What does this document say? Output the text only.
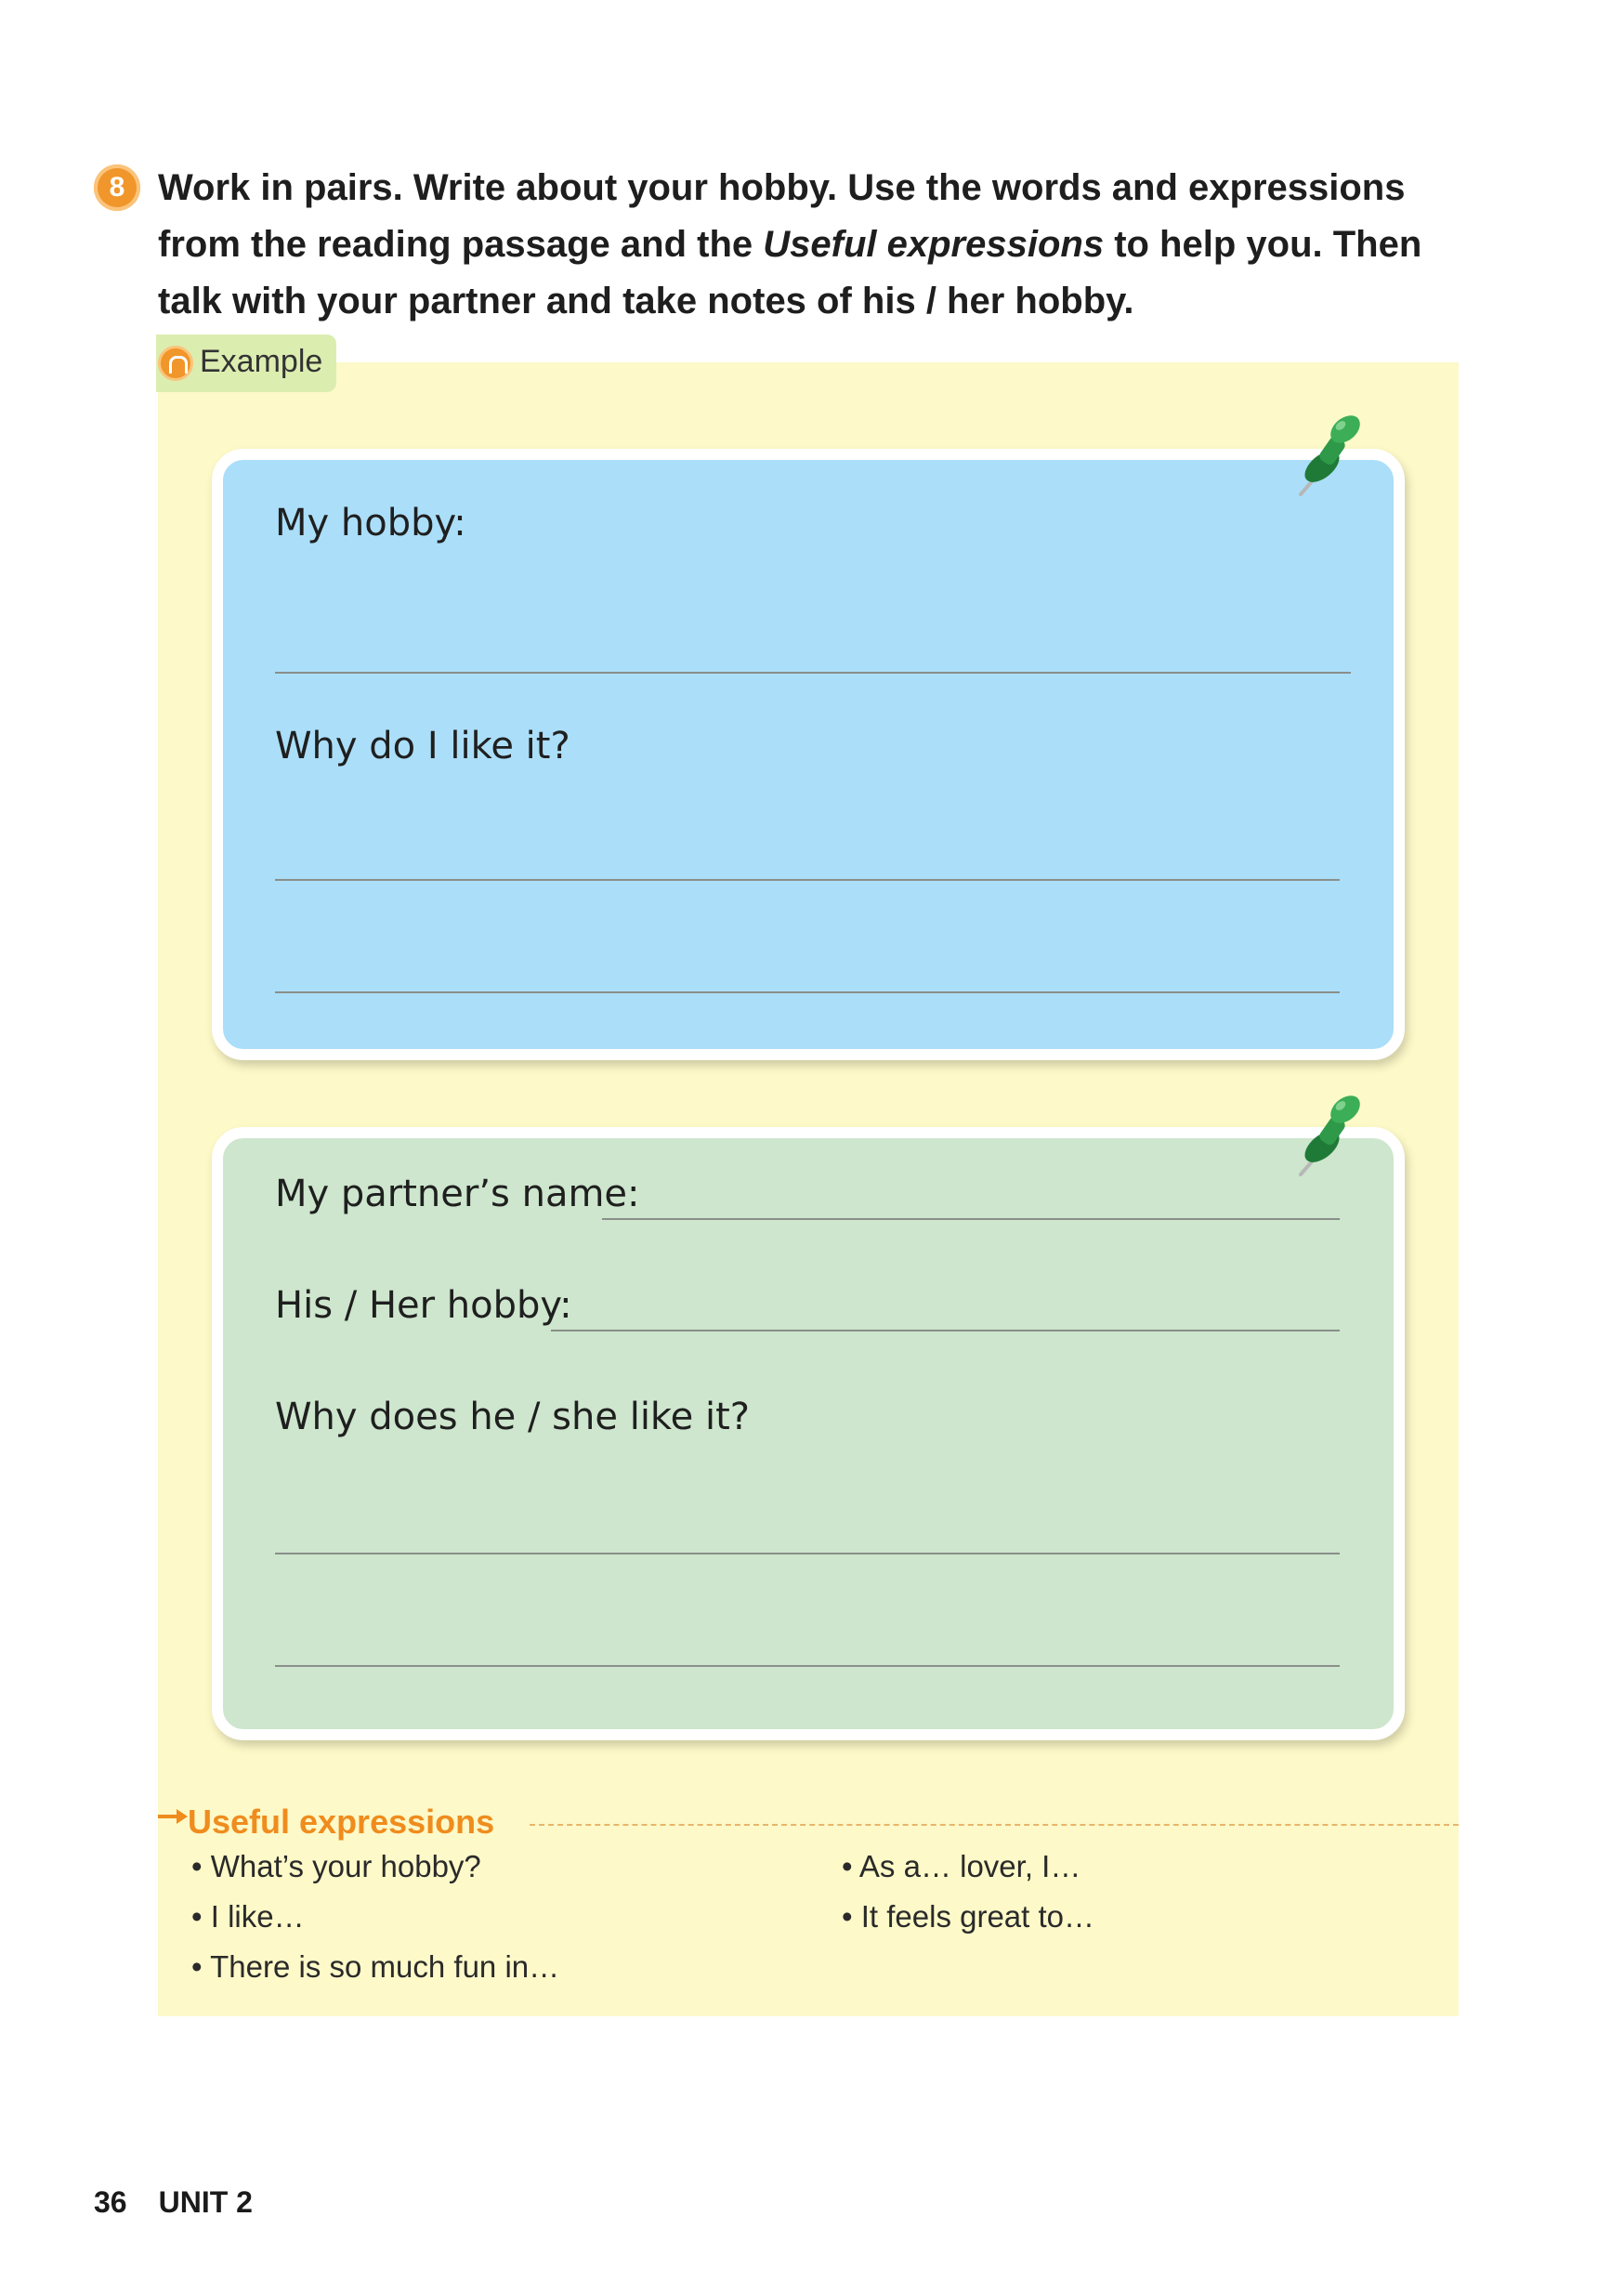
8 Work in pairs. Write about your hobby. Use the words and expressions from the reading passage and the Useful expressions to help you. Then talk with your partner and take notes of his / her hobby.
Example
My hobby:
Why do I like it?
My partner’s name:
His / Her hobby:
Why does he / she like it?
Useful expressions
• What’s your hobby?
• I like…
• There is so much fun in…
• As a… lover, I…
• It feels great to…
36 UNIT 2
